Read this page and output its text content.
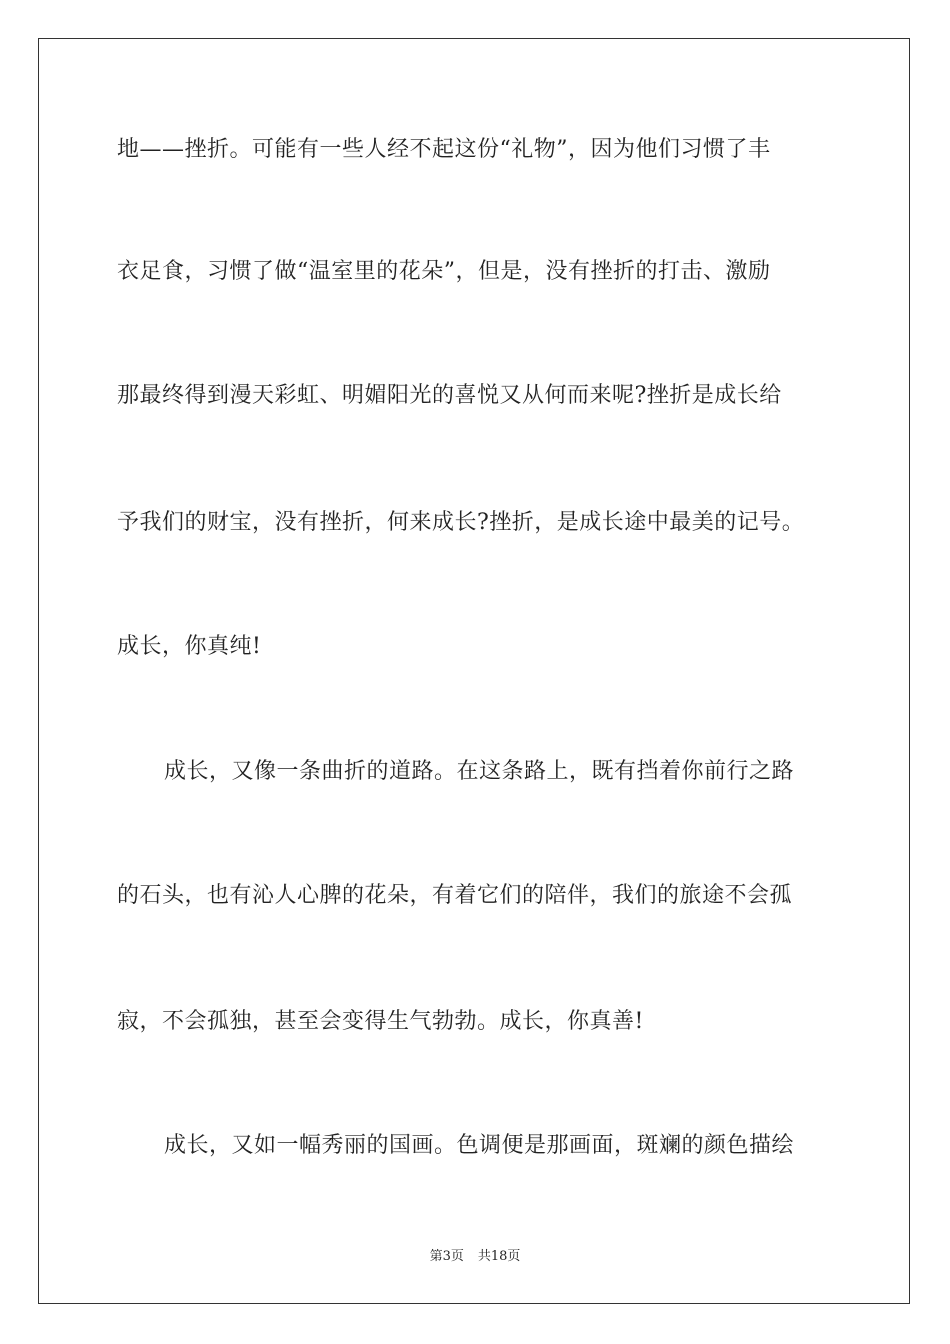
地——挫折。可能有一些人经不起这份“礼物”，因为他们习惯了丰
衣足食，习惯了做“温室里的花朵”，但是，没有挫折的打击、激励
那最终得到漫天彩虹、明媚阳光的喜悦又从何而来呢?挫折是成长给
予我们的财宝，没有挫折，何来成长?挫折，是成长途中最美的记号。
成长，你真纯!
成长，又像一条曲折的道路。在这条路上，既有挡着你前行之路
的石头，也有沁人心脾的花朵，有着它们的陪伴，我们的旅途不会孤
寂，不会孤独，甚至会变得生气勃勃。成长，你真善!
成长，又如一幅秀丽的国画。色调便是那画面，斑斓的颜色描绘
第3页 共18页
